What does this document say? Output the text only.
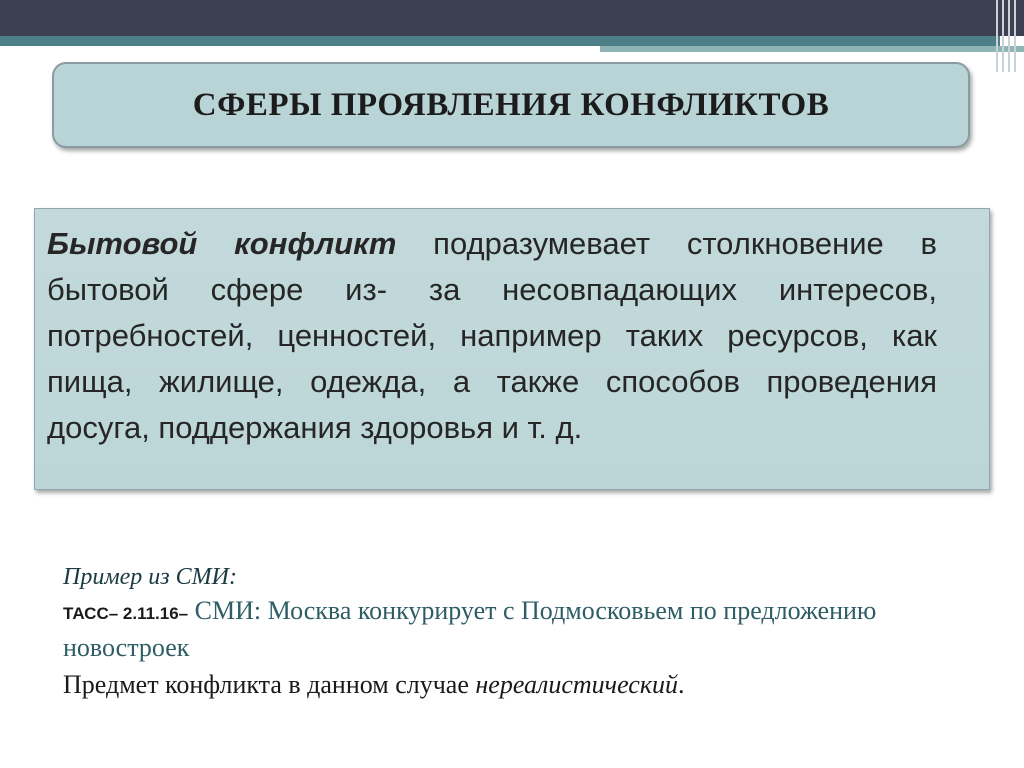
СФЕРЫ ПРОЯВЛЕНИЯ КОНФЛИКТОВ

Бытовой конфликт подразумевает столкновение в бытовой сфере из- за несовпадающих интересов, потребностей, ценностей, например таких ресурсов, как пища, жилище, одежда, а также способов проведения досуга, поддержания здоровья и т. д.

Пример из СМИ:

ТАСС– 2.11.16– СМИ: Москва конкурирует с Подмосковьем по предложению новостроек

Предмет конфликта в данном случае нереалистический.
